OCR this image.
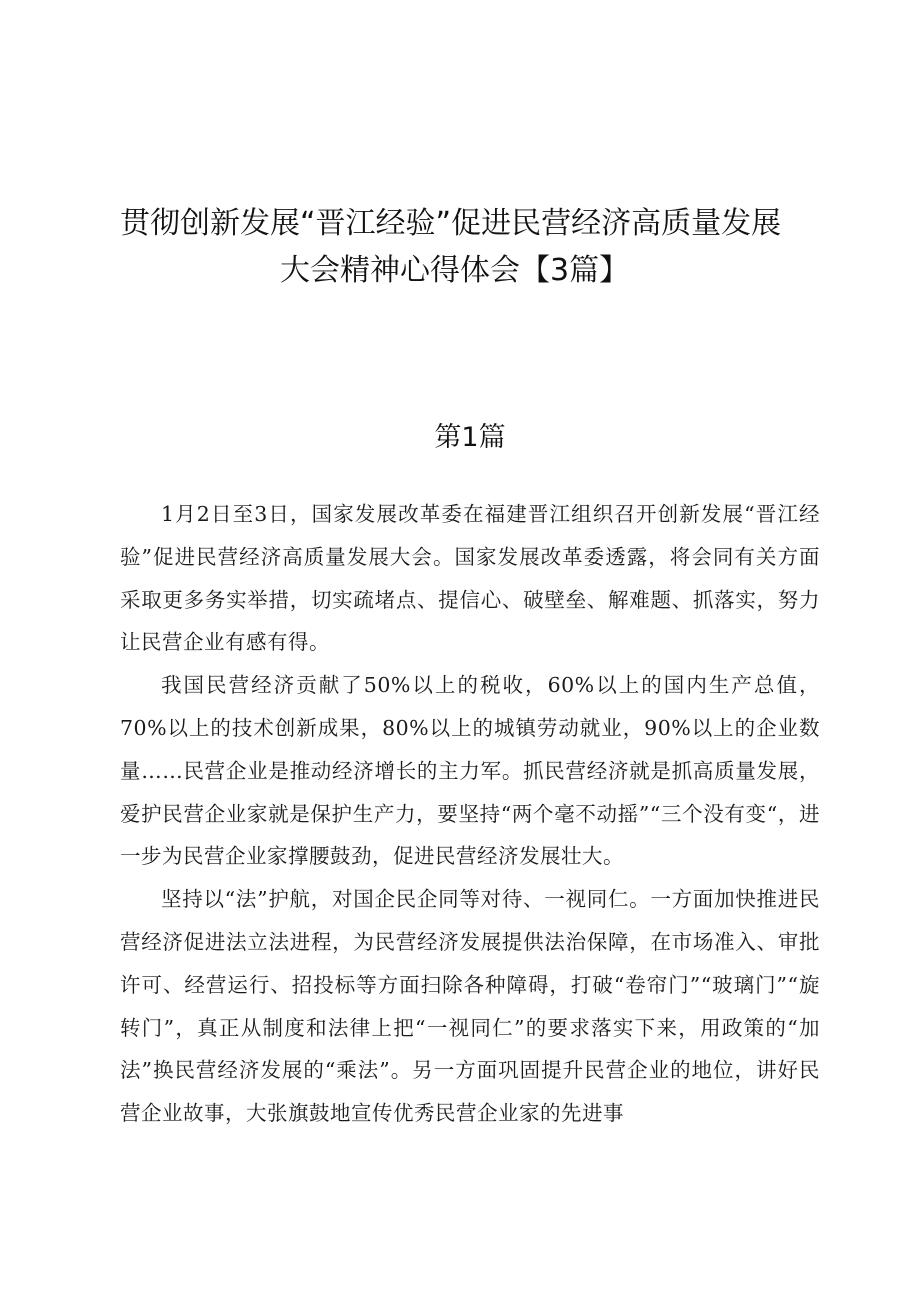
贯彻创新发展“晋江经验”促进民营经济高质量发展
大会精神心得体会【3篇】
第1篇

1月2日至3日，国家发展改革委在福建晋江组织召开创新发展“晋江经验”促进民营经济高质量发展大会。国家发展改革委透露，将会同有关方面采取更多务实举措，切实疏堵点、提信心、破壁垒、解难题、抓落实，努力让民营企业有感有得。

我国民营经济贡献了50%以上的税收，60%以上的国内生产总值，70%以上的技术创新成果，80%以上的城镇劳动就业，90%以上的企业数量……民营企业是推动经济增长的主力军。抓民营经济就是抓高质量发展，爱护民营企业家就是保护生产力，要坚持“两个毫不动摇”“三个没有变“，进一步为民营企业家撑腰鼓劲，促进民营经济发展壮大。

坚持以“法”护航，对国企民企同等对待、一视同仁。一方面加快推进民营经济促进法立法进程，为民营经济发展提供法治保障，在市场准入、审批许可、经营运行、招投标等方面扫除各种障碍，打破“卷帘门”“玻璃门”“旋转门”，真正从制度和法律上把“一视同仁”的要求落实下来，用政策的“加法”换民营经济发展的“乘法”。另一方面巩固提升民营企业的地位，讲好民营企业故事，大张旗鼓地宣传优秀民营企业家的先进事
